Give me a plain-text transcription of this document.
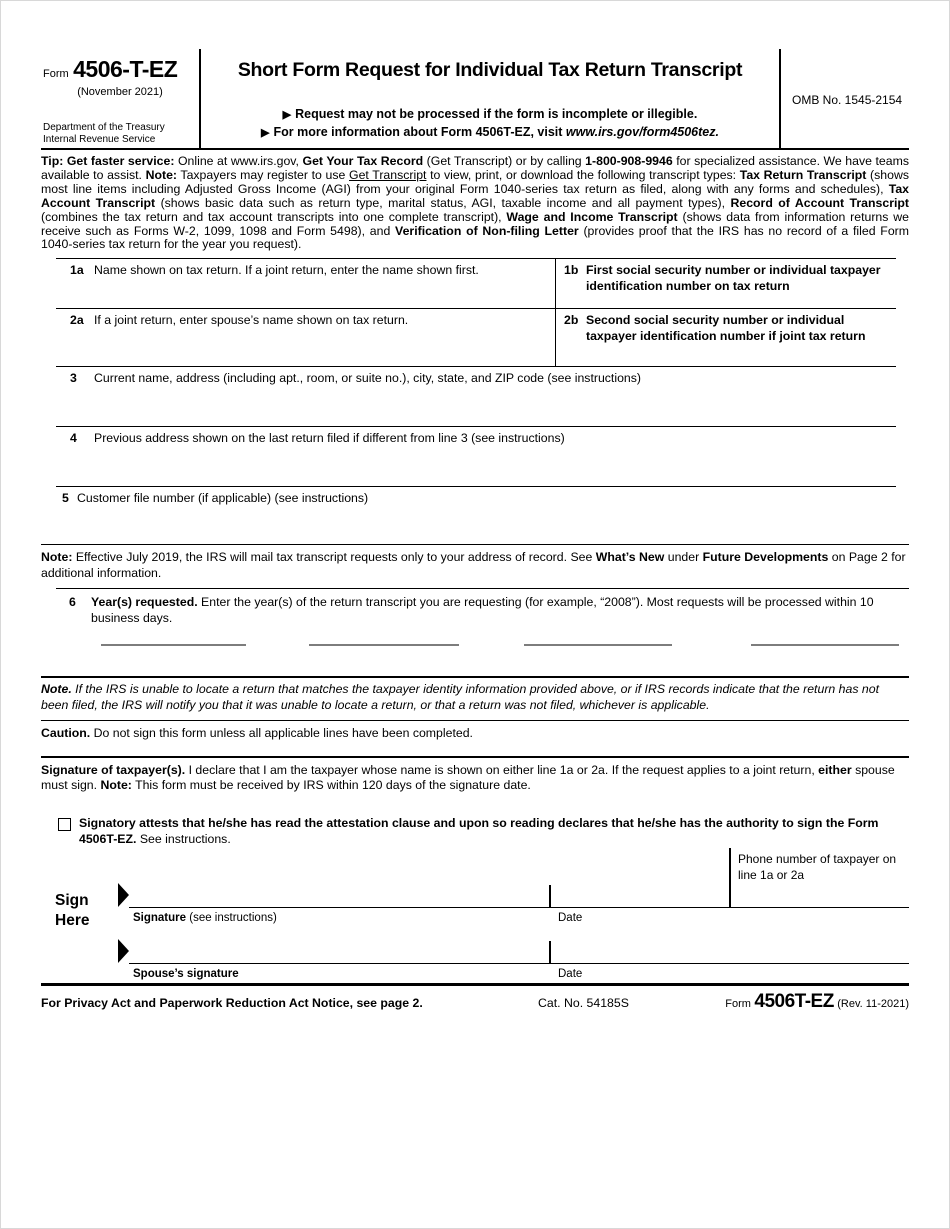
Form 4506-T-EZ
(November 2021)
Department of the Treasury
Internal Revenue Service
Short Form Request for Individual Tax Return Transcript
▶ Request may not be processed if the form is incomplete or illegible.
▶ For more information about Form 4506T-EZ, visit www.irs.gov/form4506tez.
OMB No. 1545-2154
Tip: Get faster service: Online at www.irs.gov, Get Your Tax Record (Get Transcript) or by calling 1-800-908-9946 for specialized assistance. We have teams available to assist. Note: Taxpayers may register to use Get Transcript to view, print, or download the following transcript types: Tax Return Transcript (shows most line items including Adjusted Gross Income (AGI) from your original Form 1040-series tax return as filed, along with any forms and schedules), Tax Account Transcript (shows basic data such as return type, marital status, AGI, taxable income and all payment types), Record of Account Transcript (combines the tax return and tax account transcripts into one complete transcript), Wage and Income Transcript (shows data from information returns we receive such as Forms W-2, 1099, 1098 and Form 5498), and Verification of Non-filing Letter (provides proof that the IRS has no record of a filed Form 1040-series tax return for the year you request).
1a Name shown on tax return. If a joint return, enter the name shown first.	1b First social security number or individual taxpayer identification number on tax return
2a If a joint return, enter spouse’s name shown on tax return.	2b Second social security number or individual taxpayer identification number if joint tax return
3	Current name, address (including apt., room, or suite no.), city, state, and ZIP code (see instructions)
4	Previous address shown on the last return filed if different from line 3 (see instructions)
5 Customer file number (if applicable) (see instructions)
Note: Effective July 2019, the IRS will mail tax transcript requests only to your address of record. See What’s New under Future Developments on Page 2 for additional information.
6	Year(s) requested. Enter the year(s) of the return transcript you are requesting (for example, “2008”). Most requests will be processed within 10 business days.
Note. If the IRS is unable to locate a return that matches the taxpayer identity information provided above, or if IRS records indicate that the return has not been filed, the IRS will notify you that it was unable to locate a return, or that a return was not filed, whichever is applicable.
Caution. Do not sign this form unless all applicable lines have been completed.
Signature of taxpayer(s). I declare that I am the taxpayer whose name is shown on either line 1a or 2a. If the request applies to a joint return, either spouse must sign. Note: This form must be received by IRS within 120 days of the signature date.
Signatory attests that he/she has read the attestation clause and upon so reading declares that he/she has the authority to sign the Form 4506T-EZ. See instructions.
Phone number of taxpayer on line 1a or 2a
Sign
Here	Signature (see instructions)	Date
Spouse’s signature	Date
For Privacy Act and Paperwork Reduction Act Notice, see page 2.	Cat. No. 54185S	Form 4506T-EZ (Rev. 11-2021)
